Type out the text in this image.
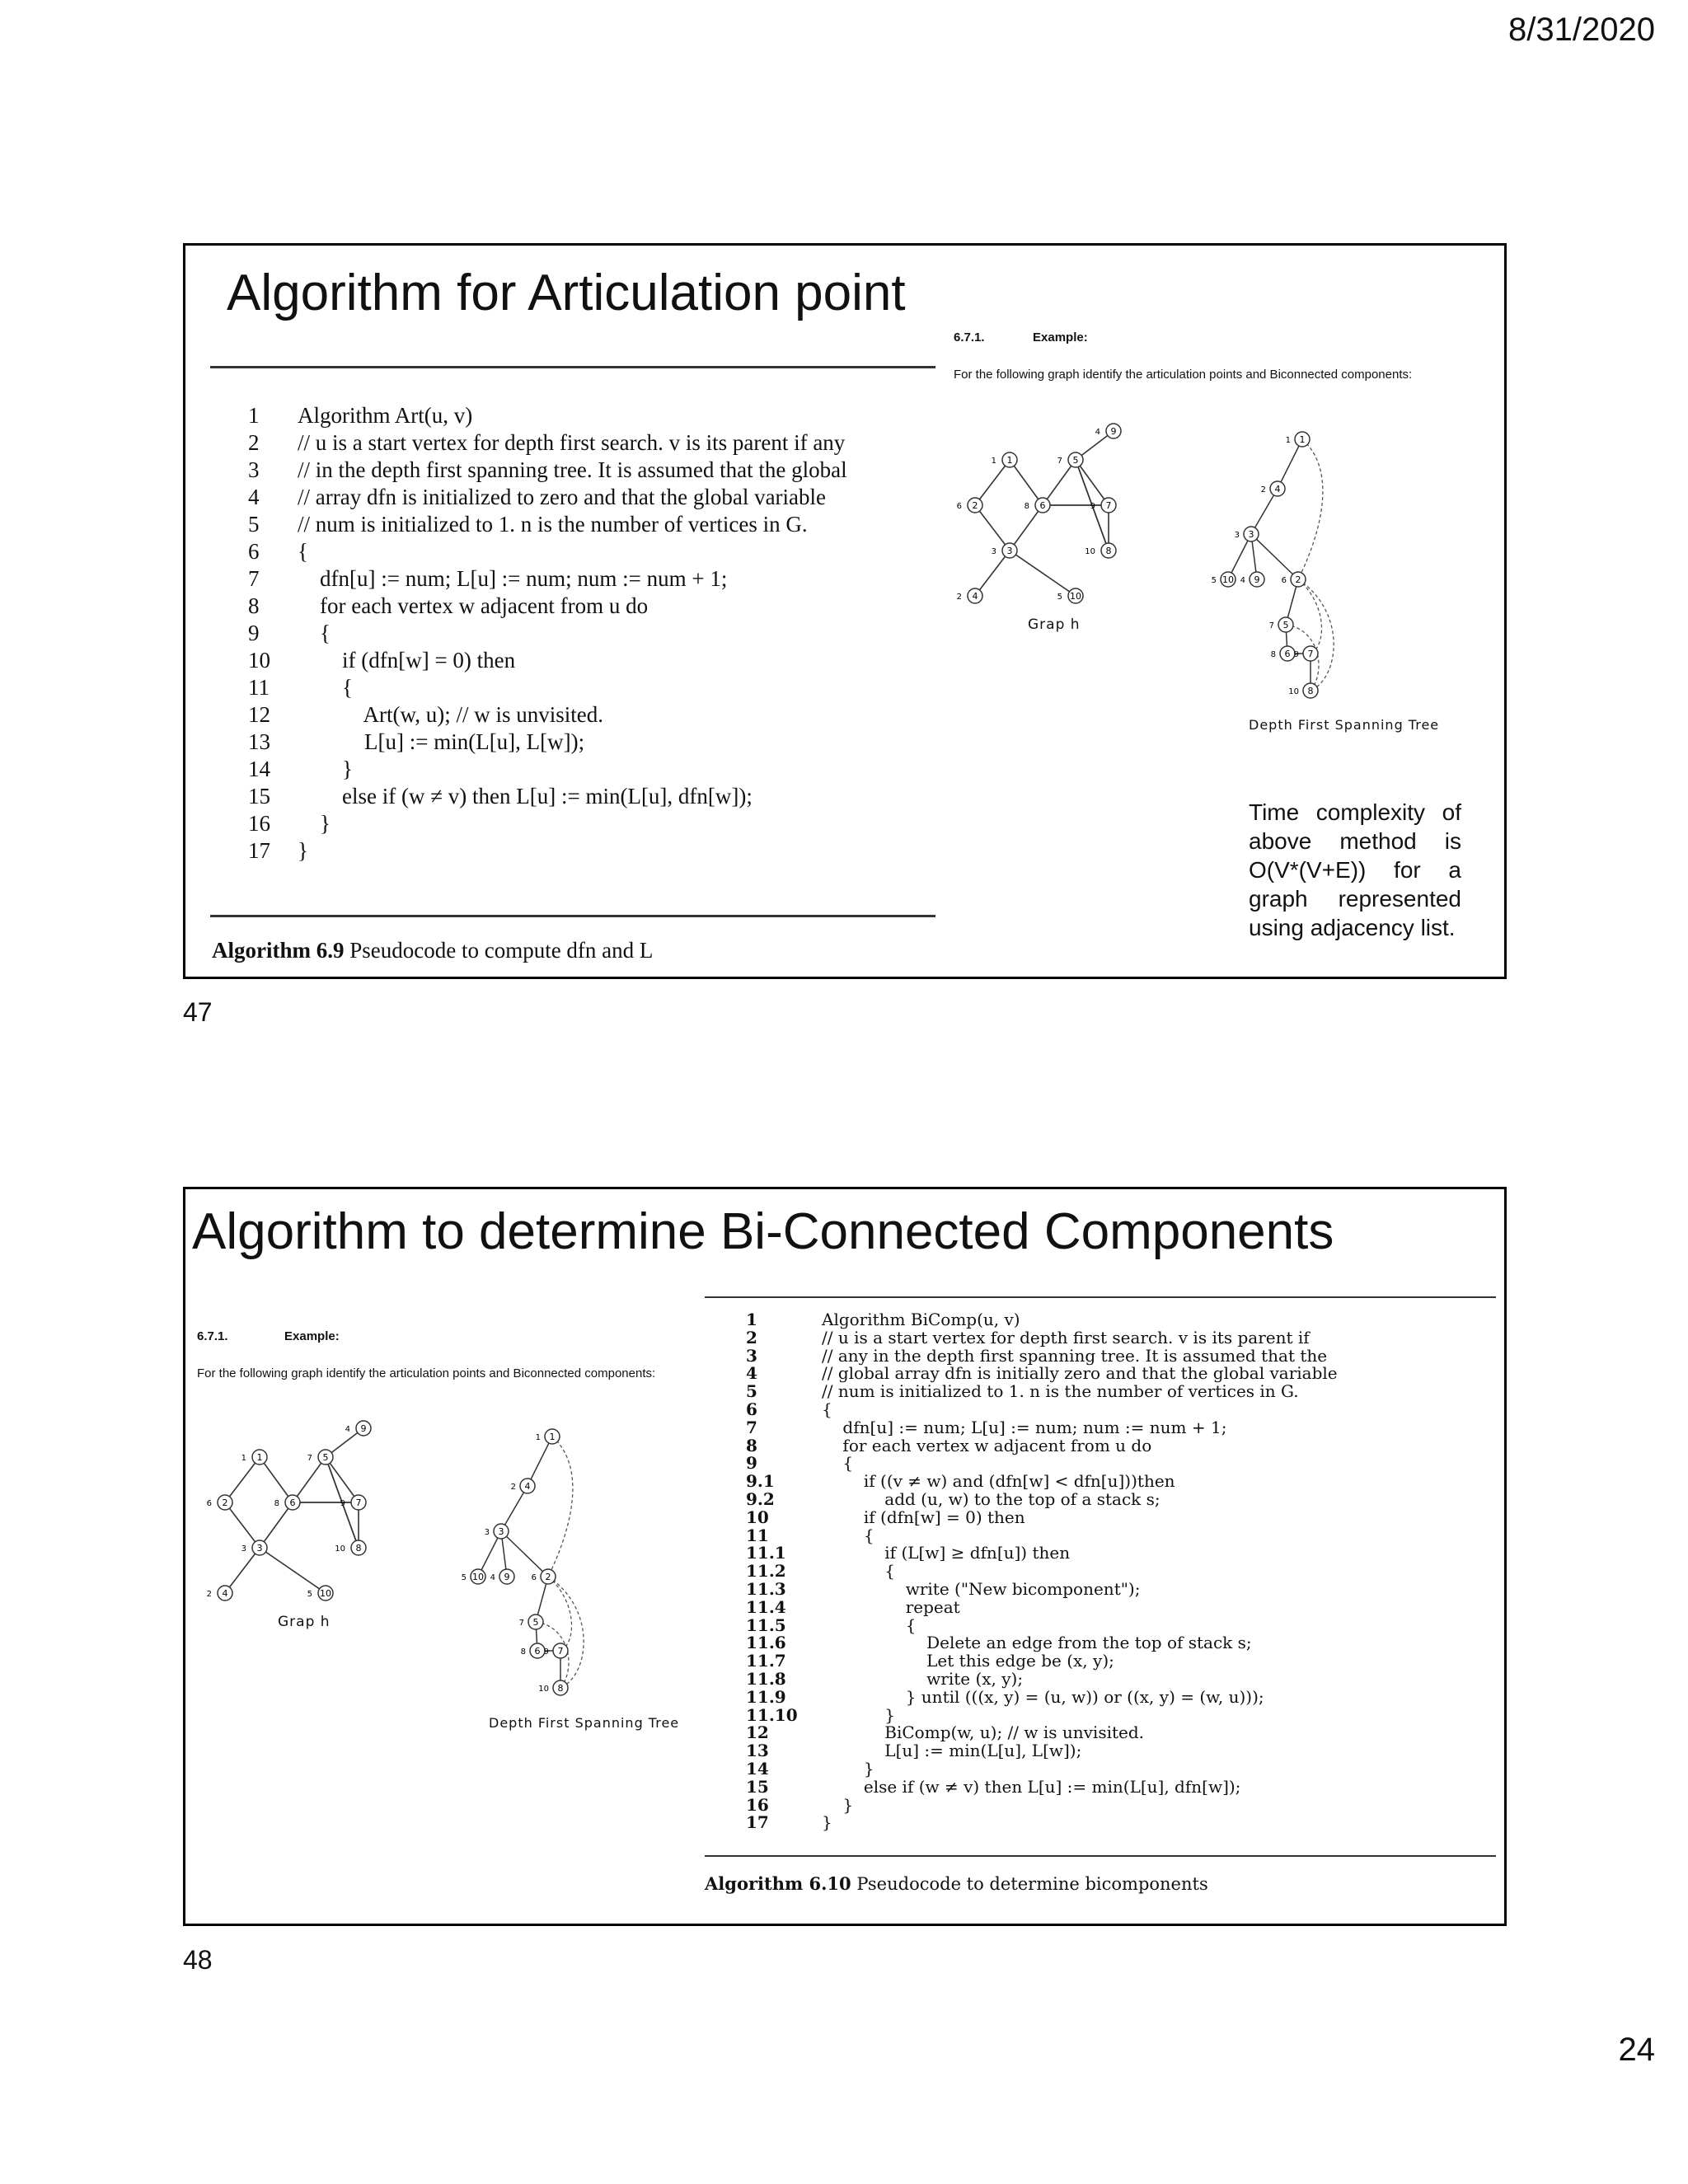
8/31/2020
Algorithm for Articulation point
1	Algorithm Art(u, v)
2	// u is a start vertex for depth first search. v is its parent if any
3	// in the depth first spanning tree. It is assumed that the global
4	// array dfn is initialized to zero and that the global variable
5	// num is initialized to 1. n is the number of vertices in G.
6	{
7	dfn[u] := num; L[u] := num; num := num + 1;
8	for each vertex w adjacent from u do
9	{
10	if (dfn[w] = 0) then
11	{
12	Art(w, u); // w is unvisited.
13	L[u] := min(L[u], L[w]);
14	}
15	else if (w ≠ v) then L[u] := min(L[u], dfn[w]);
16	}
17	}
Algorithm 6.9 Pseudocode to compute dfn and L
6.7.1.	Example:
For the following graph identify the articulation points and Biconnected components:
1
1
2
6
3
3
4
2
5
7
6
8	7
9
8
10
9
4
10
5
Grap h
1
1
2
6
3
3
4
2
5
7
6
8	7
9
8
10
9
4
10
5
Depth First Spanning Tree
Time complexity of above method is O(V*(V+E)) for a graph represented using adjacency list.
47
Algorithm to determine Bi-Connected Components
6.7.1.	Example:
For the following graph identify the articulation points and Biconnected components:
1
1
2
6
3
3
4
2
5
7
6
8	7
9
8
10
9
4
10
5
Grap h
1
1
2
6
3
3
4
2
5
7
6
8	7
9
8
10
9
4
10
5
Depth First Spanning Tree
1	Algorithm BiComp(u, v)
2	// u is a start vertex for depth first search. v is its parent if
3	// any in the depth first spanning tree. It is assumed that the
4	// global array dfn is initially zero and that the global variable
5	// num is initialized to 1. n is the number of vertices in G.
6	{
7	dfn[u] := num; L[u] := num; num := num + 1;
8	for each vertex w adjacent from u do
9	{
9.1	if ((v ≠ w) and (dfn[w] < dfn[u]))then
9.2	add (u, w) to the top of a stack s;
10	if (dfn[w] = 0) then
11	{
11.1	if (L[w] ≥ dfn[u]) then
11.2	{
11.3	write ("New bicomponent");
11.4	repeat
11.5	{
11.6	Delete an edge from the top of stack s;
11.7	Let this edge be (x, y);
11.8	write (x, y);
11.9	} until (((x, y) = (u, w)) or ((x, y) = (w, u)));
11.10	}
12	BiComp(w, u); // w is unvisited.
13	L[u] := min(L[u], L[w]);
14	}
15	else if (w ≠ v) then L[u] := min(L[u], dfn[w]);
16	}
17	}
Algorithm 6.10 Pseudocode to determine bicomponents
48
24
